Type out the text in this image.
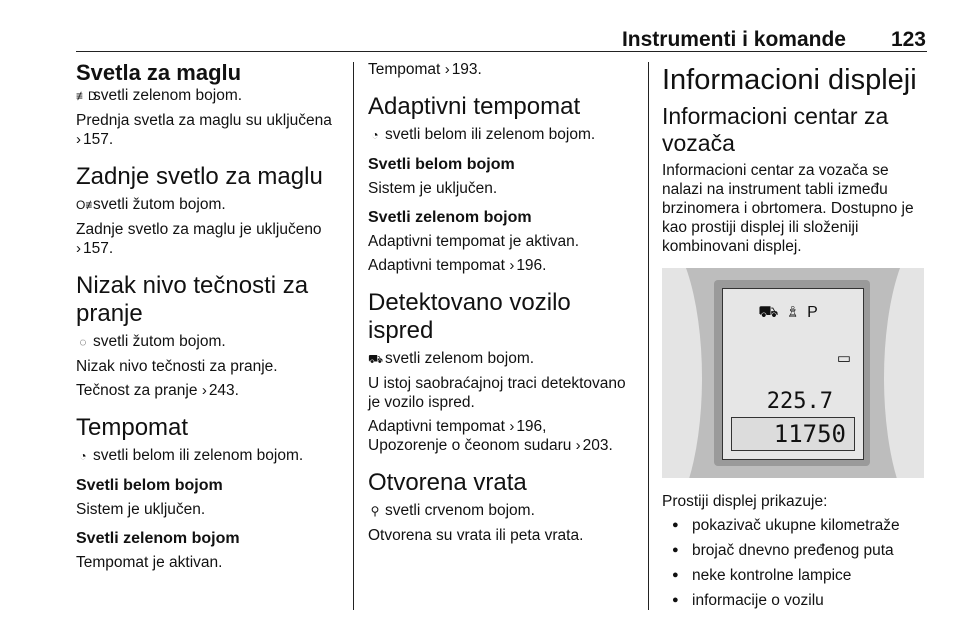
Instrumenti i komande	123
Svetla za maglu

≢Dsvetli zelenom bojom.

Prednja svetla za maglu su uključena
› 157.

Zadnje svetlo za maglu

O≢svetli žutom bojom.

Zadnje svetlo za maglu je uključeno
› 157.

Nizak nivo tečnosti za pranje

◌ svetli žutom bojom.

Nizak nivo tečnosti za pranje.

Tečnost za pranje › 243.

Tempomat

◔ svetli belom ili zelenom bojom.

Svetli belom bojom

Sistem je uključen.

Svetli zelenom bojom

Tempomat je aktivan.

Tempomat › 193.

Adaptivni tempomat

◔ svetli belom ili zelenom bojom.

Svetli belom bojom

Sistem je uključen.

Svetli zelenom bojom

Adaptivni tempomat je aktivan.

Adaptivni tempomat › 196.

Detektovano vozilo ispred

⛟ svetli zelenom bojom.

U istoj saobraćajnoj traci detektovano je vozilo ispred.

Adaptivni tempomat › 196,
Upozorenje o čeonom sudaru › 203.

Otvorena vrata

⚲ svetli crvenom bojom.

Otvorena su vrata ili peta vrata.

Informacioni displeji
Informacioni centar za vozača

Informacioni centar za vozača se nalazi na instrument tabli između brzinomera i obrtomera. Dostupno je kao prostiji displej ili složeniji kombinovani displej.

⛟♙P
▭
225.7
11750

Prostiji displej prikazuje:

● pokazivač ukupne kilometraže
● brojač dnevno pređenog puta
● neke kontrolne lampice
● informacije o vozilu
